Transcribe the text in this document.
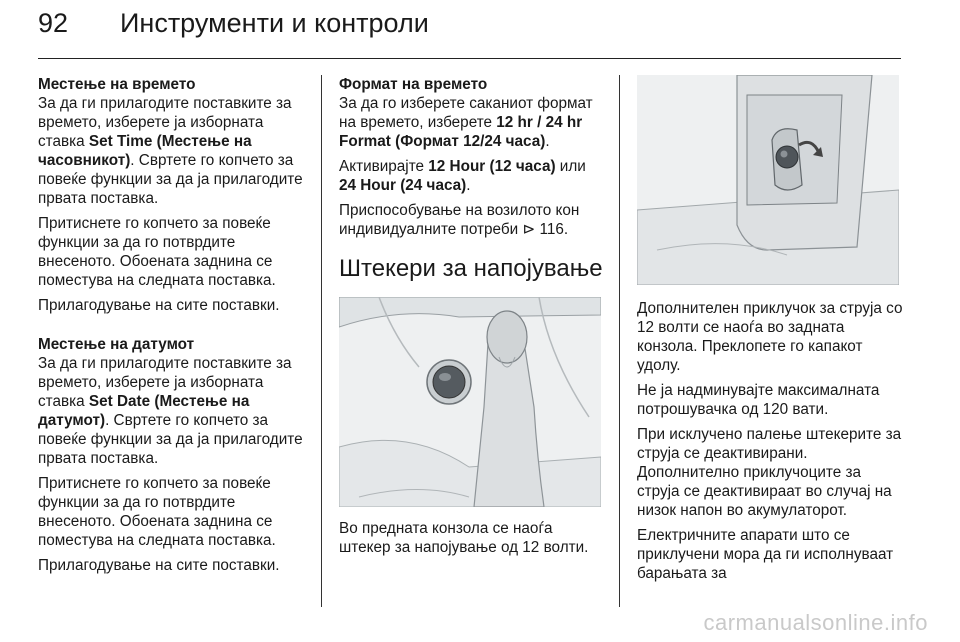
92 Инструменти и контроли
Местење на времето

За да ги прилагодите поставките за времето, изберете ја изборната ставка Set Time (Местење на часовникот). Свртете го копчето за повеќе функции за да ја прилагодите првата поставка.

Притиснете го копчето за повеќе функции за да го потврдите внесеното. Обоената заднина се поместува на следната поставка.

Прилагодување на сите поставки.

Местење на датумот

За да ги прилагодите поставките за времето, изберете ја изборната ставка Set Date (Местење на датумот). Свртете го копчето за повеќе функции за да ја прилагодите првата поставка.

Притиснете го копчето за повеќе функции за да го потврдите внесеното. Обоената заднина се поместува на следната поставка.

Прилагодување на сите поставки.

Формат на времето

За да го изберете саканиот формат на времето, изберете 12 hr / 24 hr Format (Формат 12/24 часа).

Активирајте 12 Hour (12 часа) или 24 Hour (24 часа).

Приспособување на возилото кон индивидуалните потреби ⊳ 116.

Штекери за напојување

Во предната конзола се наоѓа штекер за напојување од 12 волти.

Дополнителен приклучок за струја со 12 волти се наоѓа во задната конзола. Преклопете го капакот удолу.

Не ја надминувајте максималната потрошувачка од 120 вати.

При исклучено палење штекерите за струја се деактивирани. Дополнително приклучоците за струја се деактивираат во случај на низок напон во акумулаторот.

Електричните апарати што се приклучени мора да ги исполнуваат барањата за

carmanualsonline.info
